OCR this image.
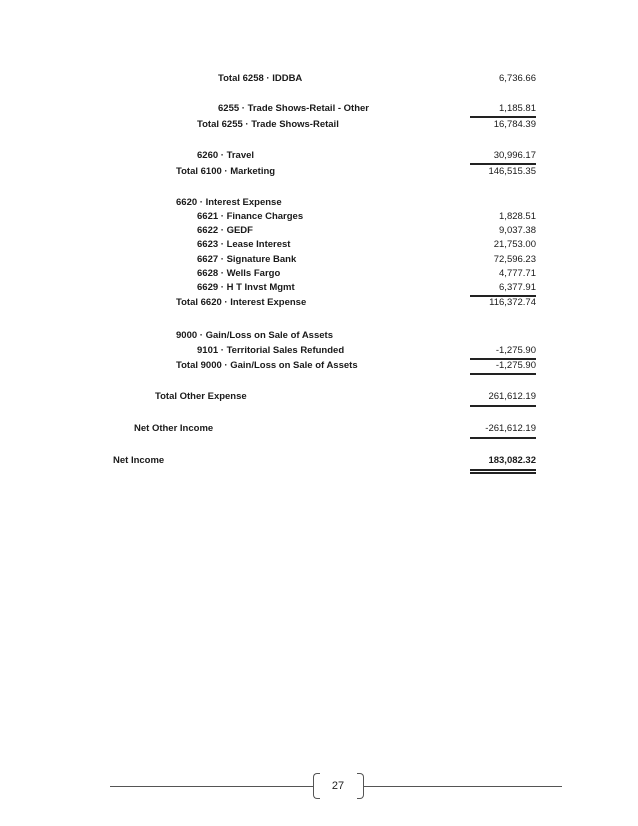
Total 6258 · IDDBA	6,736.66
6255 · Trade Shows-Retail - Other	1,185.81
Total 6255 · Trade Shows-Retail	16,784.39
6260 · Travel	30,996.17
Total 6100 · Marketing	146,515.35
6620 · Interest Expense
6621 · Finance Charges	1,828.51
6622 · GEDF	9,037.38
6623 · Lease Interest	21,753.00
6627 · Signature Bank	72,596.23
6628 · Wells Fargo	4,777.71
6629 · H T Invst Mgmt	6,377.91
Total 6620 · Interest Expense	116,372.74
9000 · Gain/Loss on Sale of Assets
9101 · Territorial Sales Refunded	-1,275.90
Total 9000 · Gain/Loss on Sale of Assets	-1,275.90
Total Other Expense	261,612.19
Net Other Income	-261,612.19
Net Income	183,082.32
27
